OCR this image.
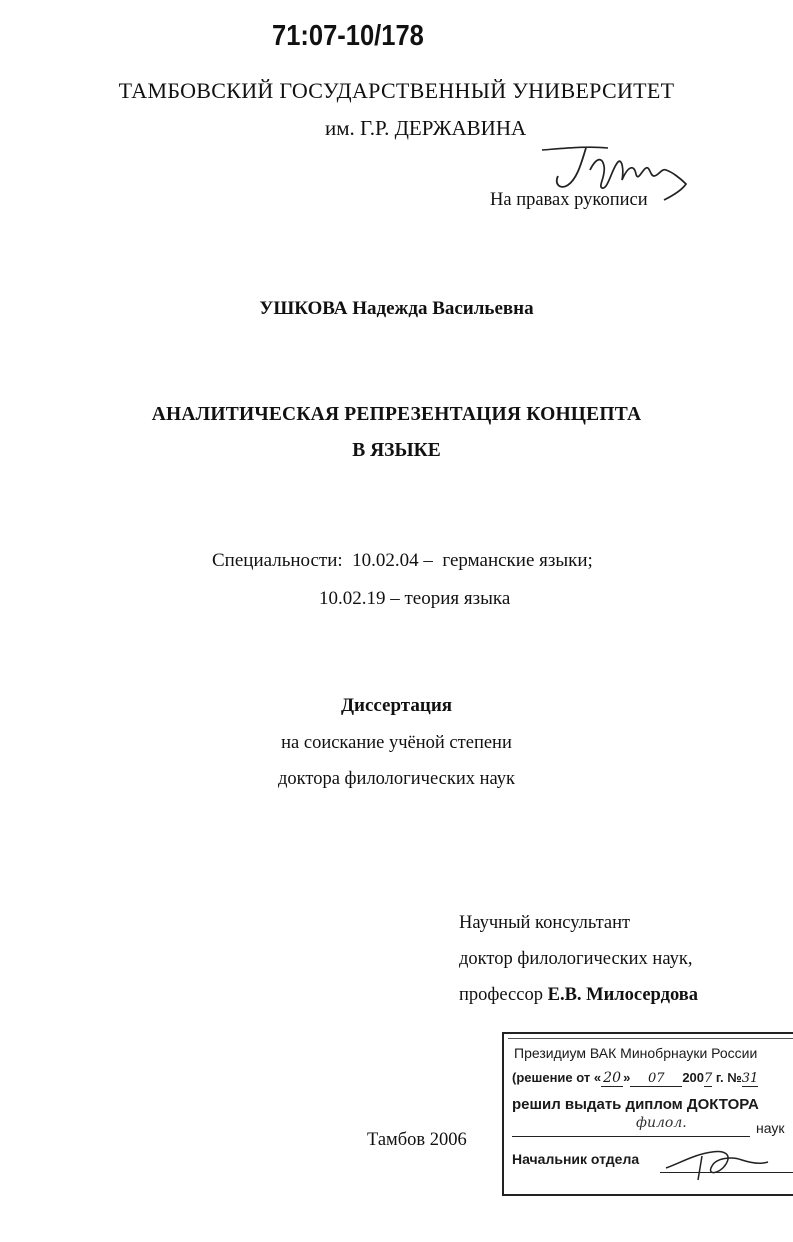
71:07-10/178
ТАМБОВСКИЙ ГОСУДАРСТВЕННЫЙ УНИВЕРСИТЕТ
им. Г.Р. ДЕРЖАВИНА
На правах рукописи
УШКОВА Надежда Васильевна
АНАЛИТИЧЕСКАЯ РЕПРЕЗЕНТАЦИЯ КОНЦЕПТА
В ЯЗЫКЕ
Специальности:  10.02.04 –  германские языки;
10.02.19 – теория языка
Диссертация
на соискание учёной степени
доктора филологических наук
Научный консультант
доктор филологических наук,
профессор Е.В. Милосердова
Тамбов 2006
Президиум ВАК Минобрнауки России
(решение от « 20 » 07 2007 г. №31
решил выдать диплом ДОКТОРА
филол.	наук
Начальник отдела
